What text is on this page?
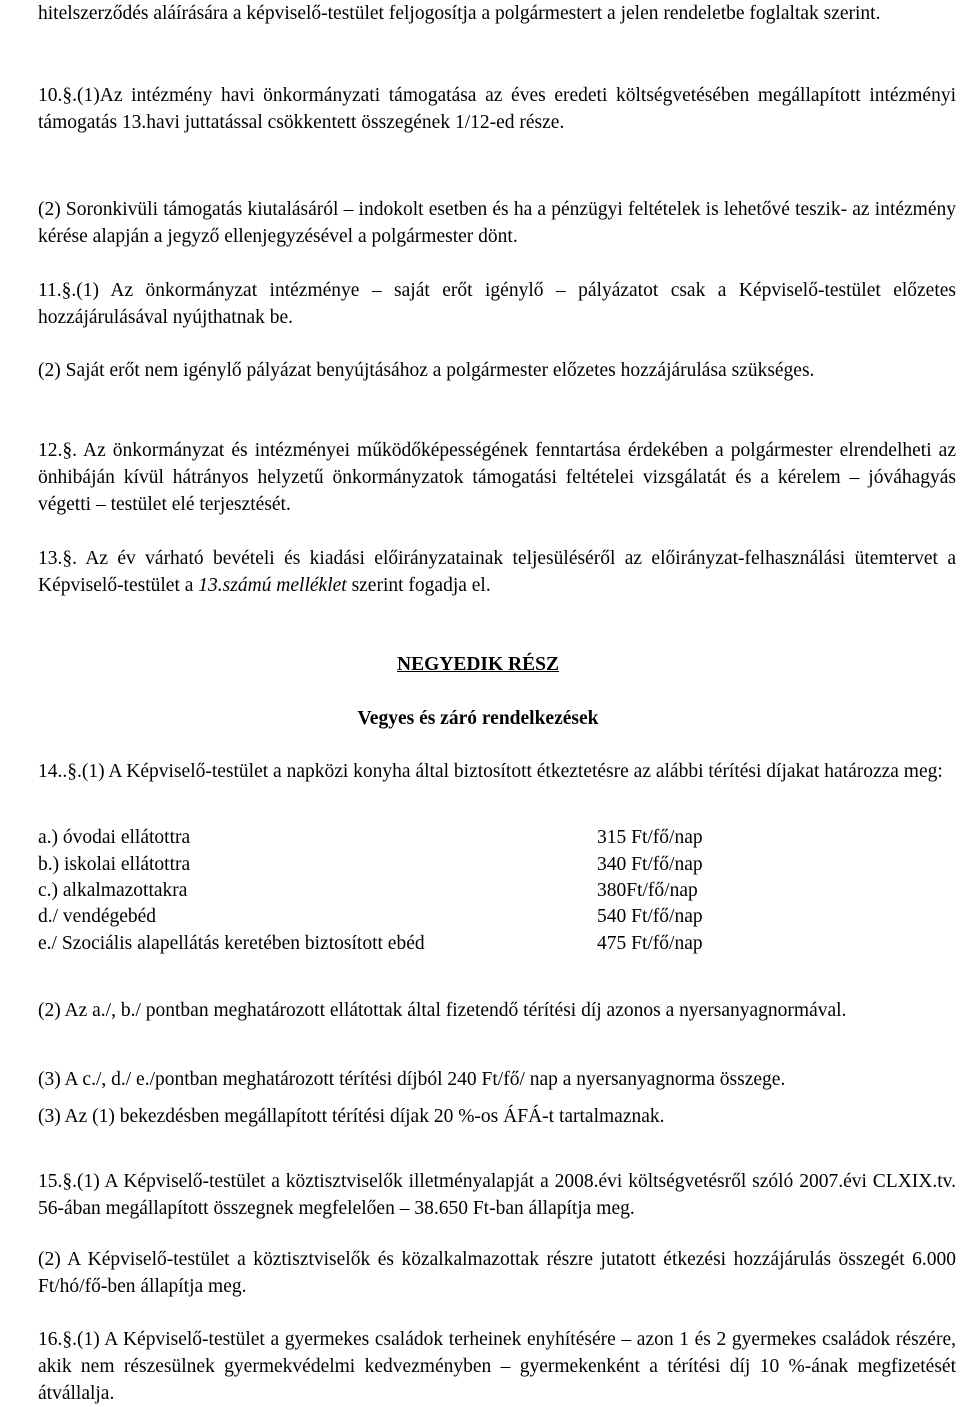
hitelszerződés aláírására a képviselő-testület feljogosítja a polgármestert a jelen rendeletbe foglaltak szerint.

10.§.(1)Az intézmény havi önkormányzati támogatása az éves eredeti költségvetésében megállapított intézményi támogatás 13.havi juttatással csökkentett összegének 1/12-ed része.

(2) Soronkivüli támogatás kiutalásáról – indokolt esetben és ha a pénzügyi feltételek is lehetővé teszik- az intézmény kérése alapján a jegyző ellenjegyzésével a polgármester dönt.

11.§.(1) Az önkormányzat intézménye – saját erőt igénylő – pályázatot csak a Képviselő-testület előzetes hozzájárulásával nyújthatnak be.

(2) Saját erőt nem igénylő pályázat benyújtásához a polgármester előzetes hozzájárulása szükséges.

12.§. Az önkormányzat és intézményei működőképességének fenntartása érdekében a polgármester elrendelheti az önhibáján kívül hátrányos helyzetű önkormányzatok támogatási feltételei vizsgálatát és a kérelem – jóváhagyás végetti – testület elé terjesztését.

13.§. Az év várható bevételi és kiadási előirányzatainak teljesüléséről az előirányzat-felhasználási ütemtervet a Képviselő-testület a 13.számú melléklet szerint fogadja el.

NEGYEDIK RÉSZ

Vegyes és záró rendelkezések

14..§.(1) A Képviselő-testület a napközi konyha által biztosított étkeztetésre az alábbi térítési díjakat határozza meg:

a.) óvodai ellátottra	315 Ft/fő/nap
b.) iskolai ellátottra	340 Ft/fő/nap
c.) alkalmazottakra	380Ft/fő/nap
d./ vendégebéd	540 Ft/fő/nap
e./ Szociális alapellátás keretében biztosított ebéd	475 Ft/fő/nap

(2) Az a./, b./ pontban meghatározott ellátottak által fizetendő térítési díj azonos a nyersanyagnormával.

(3) A c./, d./ e./pontban meghatározott térítési díjból 240 Ft/fő/ nap a nyersanyagnorma összege.

(3) Az (1) bekezdésben megállapított térítési díjak 20 %-os ÁFÁ-t tartalmaznak.

15.§.(1) A Képviselő-testület a köztisztviselők illetményalapját a 2008.évi költségvetésről szóló 2007.évi CLXIX.tv. 56-ában megállapított összegnek megfelelően – 38.650 Ft-ban állapítja meg.

(2) A Képviselő-testület a köztisztviselők és közalkalmazottak részre jutatott étkezési hozzájárulás összegét 6.000 Ft/hó/fő-ben állapítja meg.

16.§.(1) A Képviselő-testület a gyermekes családok terheinek enyhítésére – azon 1 és 2 gyermekes családok részére, akik nem részesülnek gyermekvédelmi kedvezményben – gyermekenként a térítési díj 10 %-ának megfizetését átvállalja.
